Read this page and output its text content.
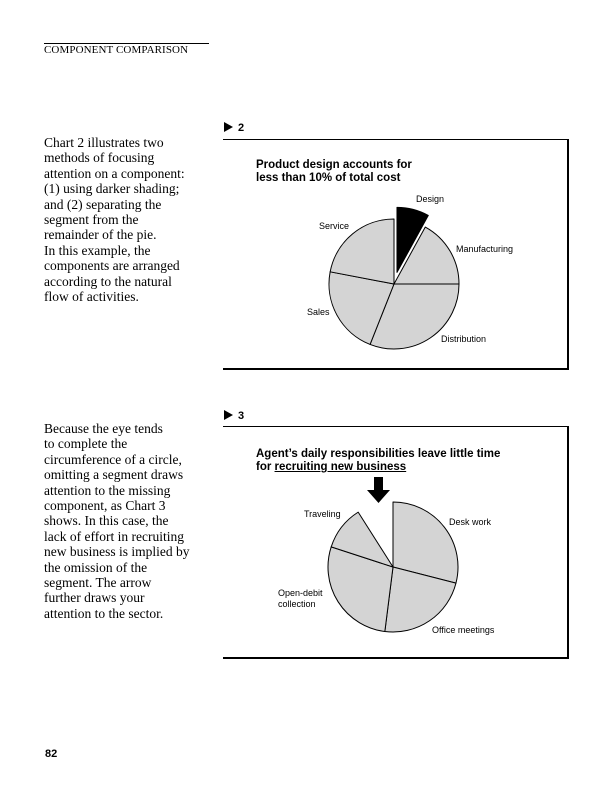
COMPONENT COMPARISON
Chart 2 illustrates two
methods of focusing
attention on a component:
(1) using darker shading;
and (2) separating the
segment from the
remainder of the pie.
In this example, the
components are arranged
according to the natural
flow of activities.
Because the eye tends
to complete the
circumference of a circle,
omitting a segment draws
attention to the missing
component, as Chart 3
shows. In this case, the
lack of effort in recruiting
new business is implied by
the omission of the
segment. The arrow
further draws your
attention to the sector.
2
Product design accounts for
less than 10% of total cost
Design
Manufacturing
Distribution
Sales
Service
3
Agent’s daily responsibilities leave little time
for recruiting new business
Desk work
Office meetings
Open-debit
collection
Traveling
82
